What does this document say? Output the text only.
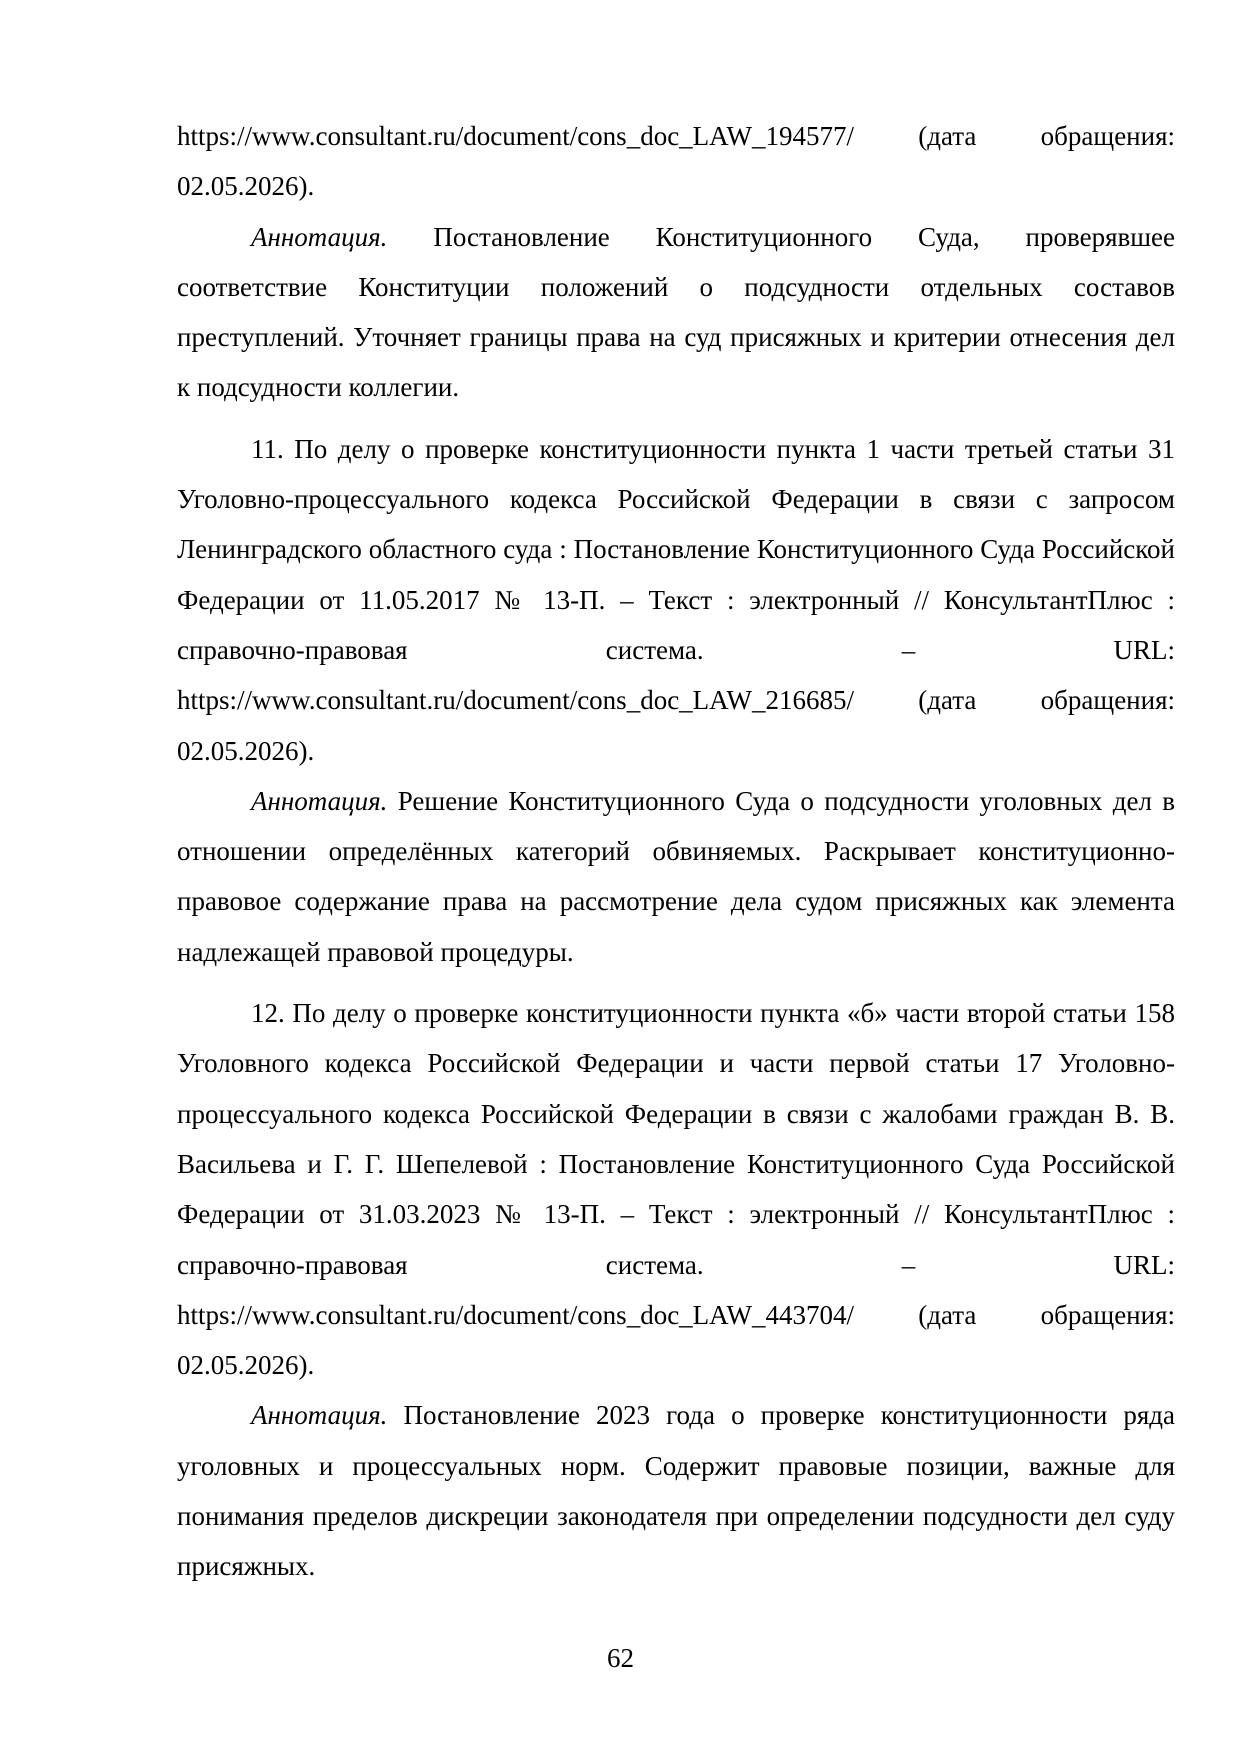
https://www.consultant.ru/document/cons_doc_LAW_194577/ (дата обращения: 02.05.2026).

Аннотация. Постановление Конституционного Суда, проверявшее соответствие Конституции положений о подсудности отдельных составов преступлений. Уточняет границы права на суд присяжных и критерии отнесения дел к подсудности коллегии.

11. По делу о проверке конституционности пункта 1 части третьей статьи 31 Уголовно-процессуального кодекса Российской Федерации в связи с запросом Ленинградского областного суда : Постановление Конституционного Суда Российской Федерации от 11.05.2017 № 13-П. – Текст : электронный // КонсультантПлюс : справочно-правовая система. – URL: https://www.consultant.ru/document/cons_doc_LAW_216685/ (дата обращения: 02.05.2026).

Аннотация. Решение Конституционного Суда о подсудности уголовных дел в отношении определённых категорий обвиняемых. Раскрывает конституционно-правовое содержание права на рассмотрение дела судом присяжных как элемента надлежащей правовой процедуры.

12. По делу о проверке конституционности пункта «б» части второй статьи 158 Уголовного кодекса Российской Федерации и части первой статьи 17 Уголовно-процессуального кодекса Российской Федерации в связи с жалобами граждан В. В. Васильева и Г. Г. Шепелевой : Постановление Конституционного Суда Российской Федерации от 31.03.2023 № 13-П. – Текст : электронный // КонсультантПлюс : справочно-правовая система. – URL: https://www.consultant.ru/document/cons_doc_LAW_443704/ (дата обращения: 02.05.2026).

Аннотация. Постановление 2023 года о проверке конституционности ряда уголовных и процессуальных норм. Содержит правовые позиции, важные для понимания пределов дискреции законодателя при определении подсудности дел суду присяжных.

62
